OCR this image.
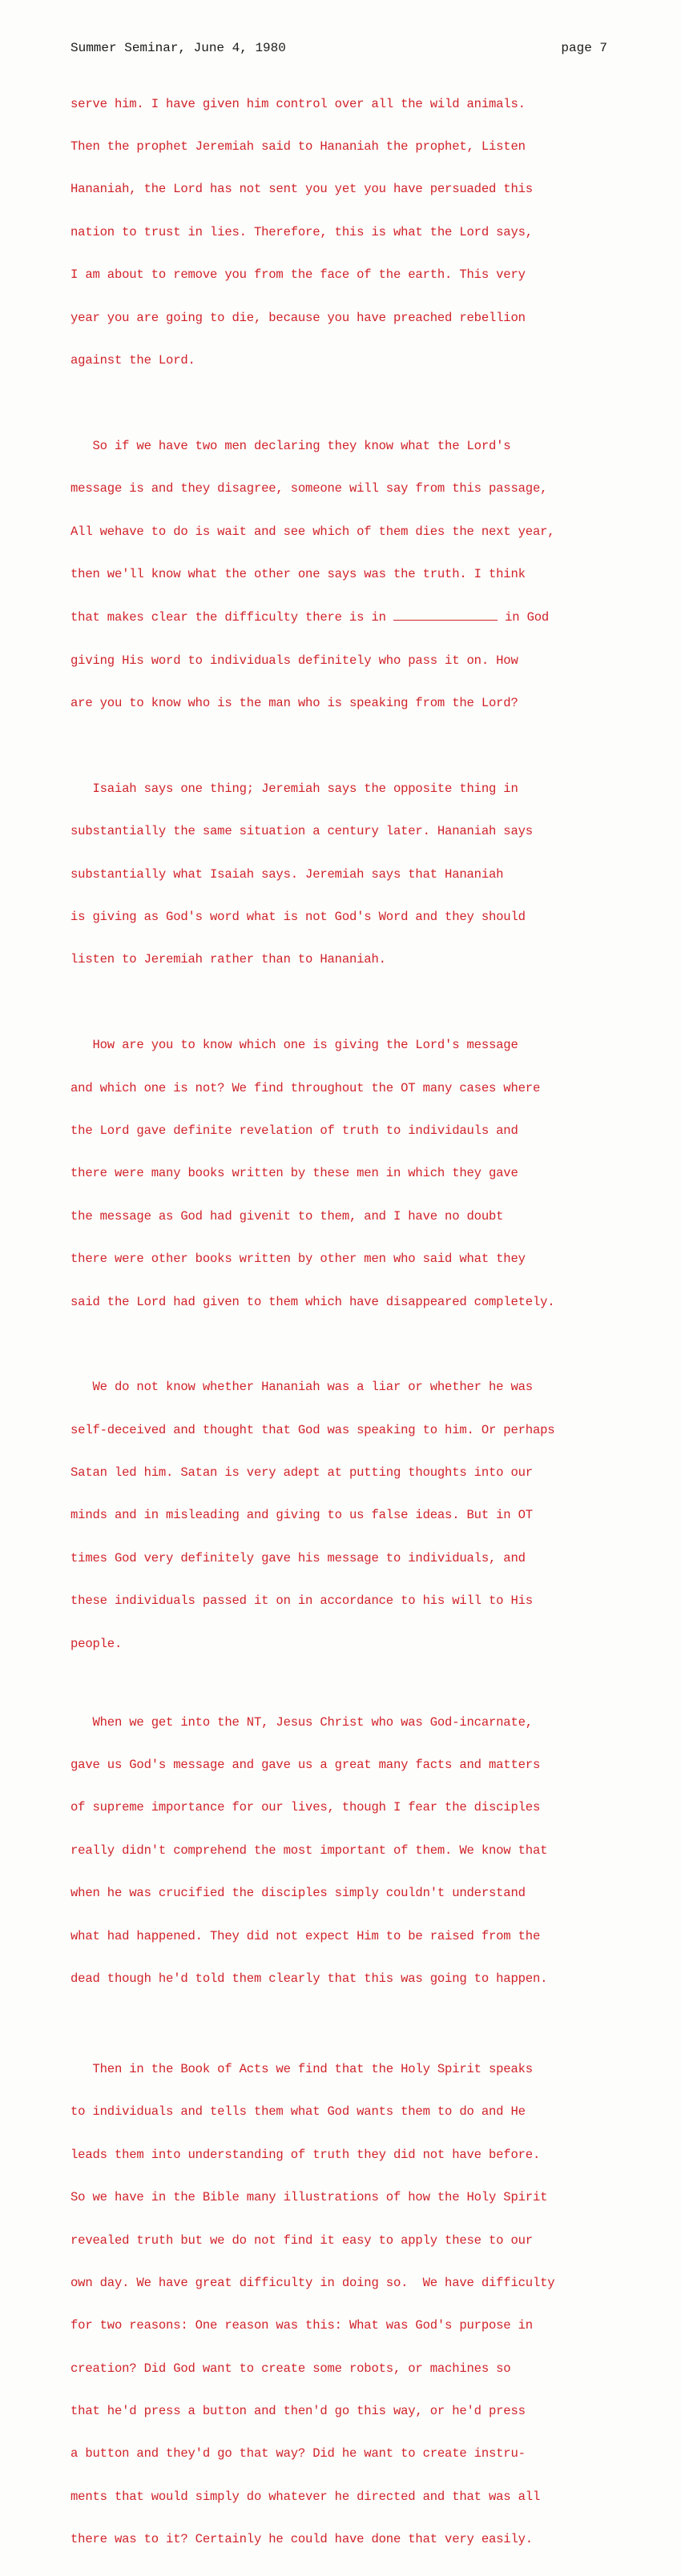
Summer Seminar, June 4, 1980	page 7

serve him. I have given him control over all the wild animals.

Then the prophet Jeremiah said to Hananiah the prophet, Listen

Hananiah, the Lord has not sent you yet you have persuaded this

nation to trust in lies. Therefore, this is what the Lord says,

I am about to remove you from the face of the earth. This very

year you are going to die, because you have preached rebellion

against the Lord.

So if we have two men declaring they know what the Lord's

message is and they disagree, someone will say from this passage,

All wehave to do is wait and see which of them dies the next year,

then we'll know what the other one says was the truth. I think

that makes clear the difficulty there is in	in God

giving His word to individuals definitely who pass it on. How

are you to know who is the man who is speaking from the Lord?

Isaiah says one thing; Jeremiah says the opposite thing in

substantially the same situation a century later. Hananiah says

substantially what Isaiah says. Jeremiah says that Hananiah

is giving as God's word what is not God's Word and they should

listen to Jeremiah rather than to Hananiah.

How are you to know which one is giving the Lord's message

and which one is not? We find throughout the OT many cases where

the Lord gave definite revelation of truth to individauls and

there were many books written by these men in which they gave

the message as God had givenit to them, and I have no doubt

there were other books written by other men who said what they

said the Lord had given to them which have disappeared completely.

We do not know whether Hananiah was a liar or whether he was

self-deceived and thought that God was speaking to him. Or perhaps

Satan led him. Satan is very adept at putting thoughts into our

minds and in misleading and giving to us false ideas. But in OT

times God very definitely gave his message to individuals, and

these individuals passed it on in accordance to his will to His

people.

When we get into the NT, Jesus Christ who was God-incarnate,

gave us God's message and gave us a great many facts and matters

of supreme importance for our lives, though I fear the disciples

really didn't comprehend the most important of them. We know that

when he was crucified the disciples simply couldn't understand

what had happened. They did not expect Him to be raised from the

dead though he'd told them clearly that this was going to happen.

Then in the Book of Acts we find that the Holy Spirit speaks

to individuals and tells them what God wants them to do and He

leads them into understanding of truth they did not have before.

So we have in the Bible many illustrations of how the Holy Spirit

revealed truth but we do not find it easy to apply these to our

own day. We have great difficulty in doing so.  We have difficulty

for two reasons: One reason was this: What was God's purpose in

creation? Did God want to create some robots, or machines so

that he'd press a button and then'd go this way, or he'd press

a button and they'd go that way? Did he want to create instru-

ments that would simply do whatever he directed and that was all

there was to it? Certainly he could have done that very easily.
